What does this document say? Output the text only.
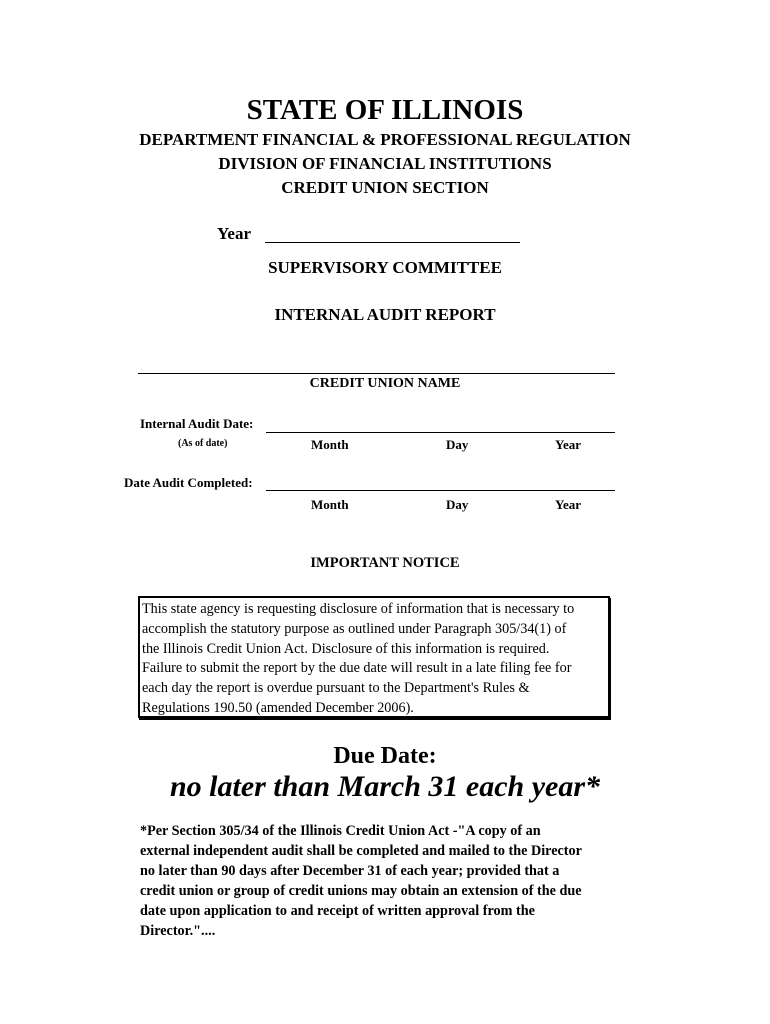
STATE OF ILLINOIS
DEPARTMENT FINANCIAL & PROFESSIONAL REGULATION
DIVISION OF FINANCIAL INSTITUTIONS
CREDIT UNION SECTION
Year
SUPERVISORY COMMITTEE
INTERNAL AUDIT REPORT
CREDIT UNION NAME
Internal Audit Date:
(As of date)	Month	Day	Year
Date Audit Completed:
Month	Day	Year
IMPORTANT NOTICE
This state agency is requesting disclosure of information that is necessary to
accomplish the statutory purpose as outlined under Paragraph 305/34(1) of
the Illinois Credit Union Act. Disclosure of this information is required.
Failure to submit the report by the due date will result in a late filing fee for
each day the report is overdue pursuant to the Department's Rules &
Regulations 190.50 (amended December 2006).
Due Date:
no later than March 31 each year*
*Per Section 305/34 of the Illinois Credit Union Act -"A copy of an
external independent audit shall be completed and mailed to the Director
no later than 90 days after December 31 of each year; provided that a
credit union or group of credit unions may obtain an extension of the due
date upon application to and receipt of written approval from the
Director."....
